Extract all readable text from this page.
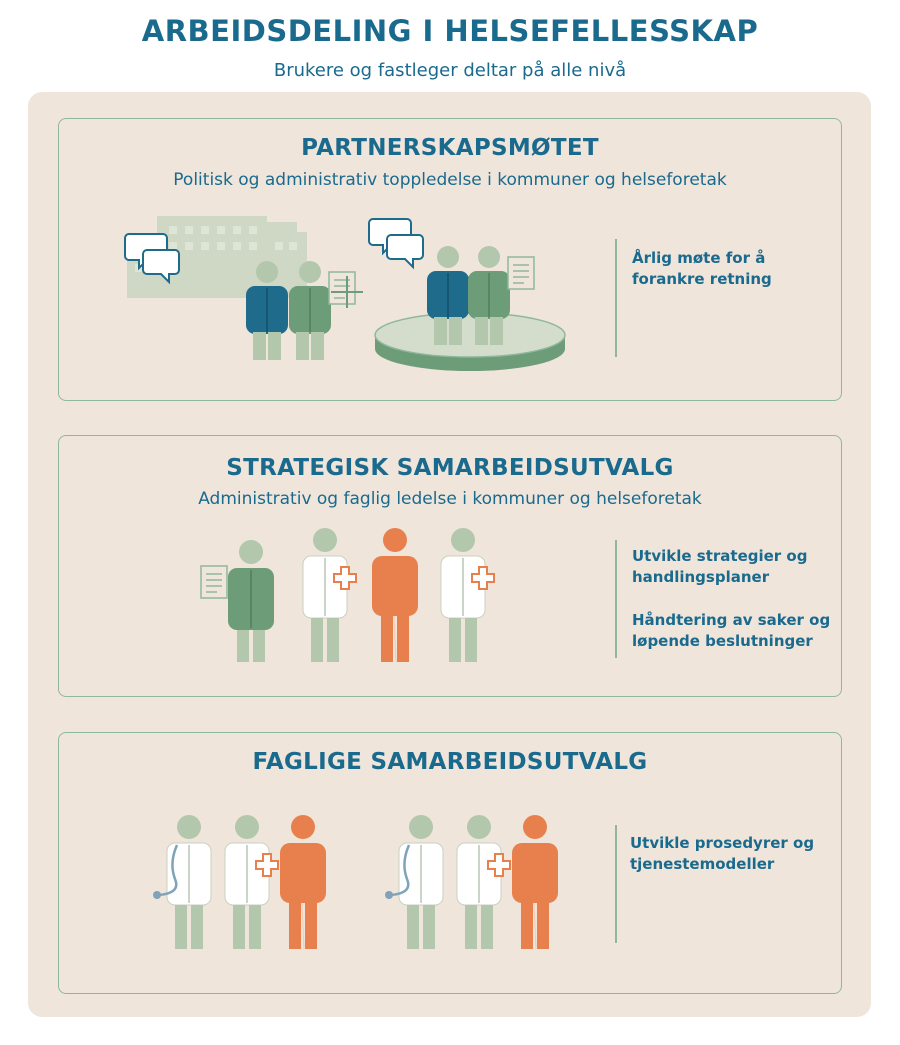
ARBEIDSDELING I HELSEFELLESSKAP
Brukere og fastleger deltar på alle nivå
PARTNERSKAPSMØTET
Politisk og administrativ toppledelse i kommuner og helseforetak
Årlig møte for å
forankre retning
STRATEGISK SAMARBEIDSUTVALG
Administrativ og faglig ledelse i kommuner og helseforetak
Utvikle strategier og
handlingsplaner
Håndtering av saker og
løpende beslutninger
FAGLIGE SAMARBEIDSUTVALG
Utvikle prosedyrer og
tjenestemodeller
